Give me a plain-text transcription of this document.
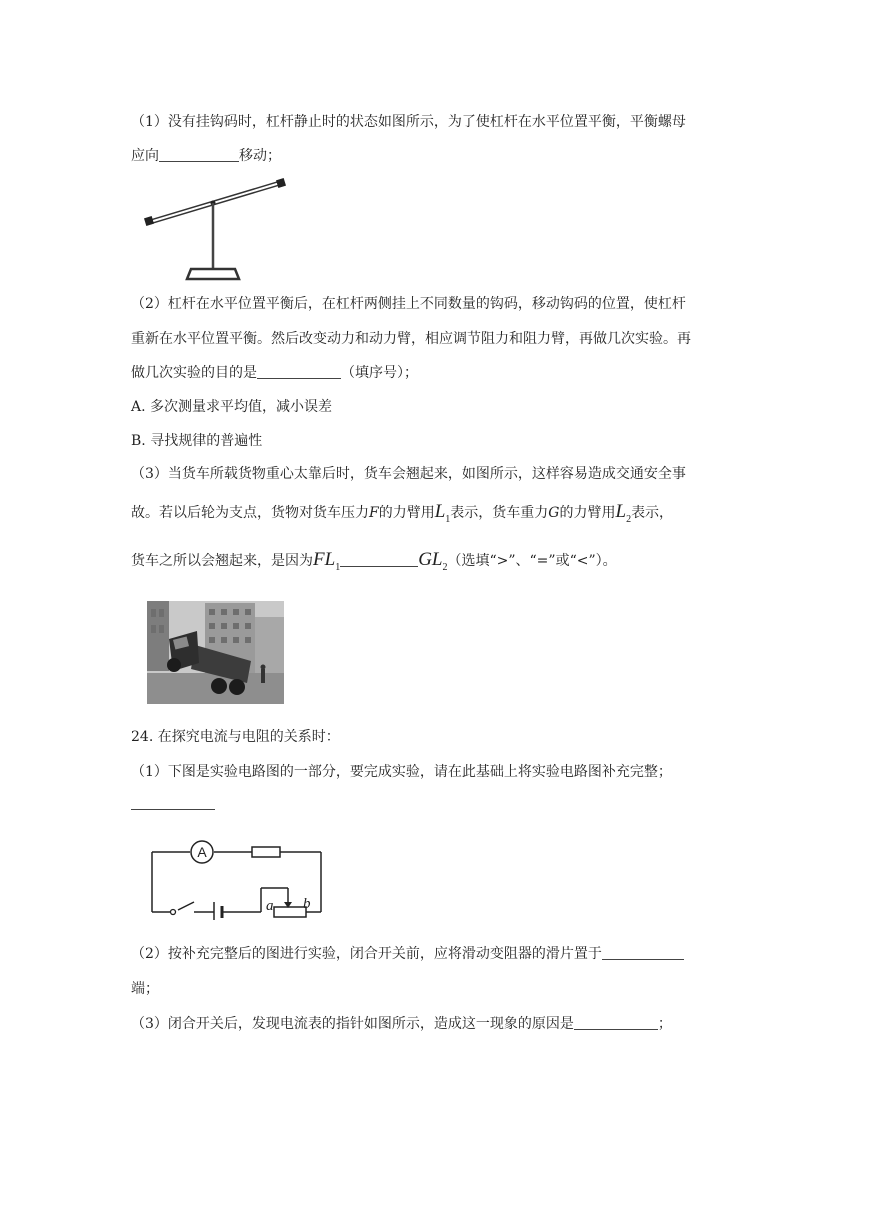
（1）没有挂钩码时，杠杆静止时的状态如图所示，为了使杠杆在水平位置平衡，平衡螺母
应向	移动；
（2）杠杆在水平位置平衡后，在杠杆两侧挂上不同数量的钩码，移动钩码的位置，使杠杆
重新在水平位置平衡。然后改变动力和动力臂，相应调节阻力和阻力臂，再做几次实验。再
做几次实验的目的是	（填序号）；
A. 多次测量求平均值，减小误差
B. 寻找规律的普遍性
（3）当货车所载货物重心太靠后时，货车会翘起来，如图所示，这样容易造成交通安全事
故。若以后轮为支点，货物对货车压力F的力臂用$L_1$表示，货车重力G的力臂用$L_2$表示，
货车之所以会翘起来，是因为$FL_1$	$GL_2$（选填“>”、“=”或“<”）。
24. 在探究电流与电阻的关系时：
（1）下图是实验电路图的一部分，要完成实验，请在此基础上将实验电路图补充完整；
A
a b
（2）按补充完整后的图进行实验，闭合开关前，应将滑动变阻器的滑片置于
端；
（3）闭合开关后，发现电流表的指针如图所示，造成这一现象的原因是	；
